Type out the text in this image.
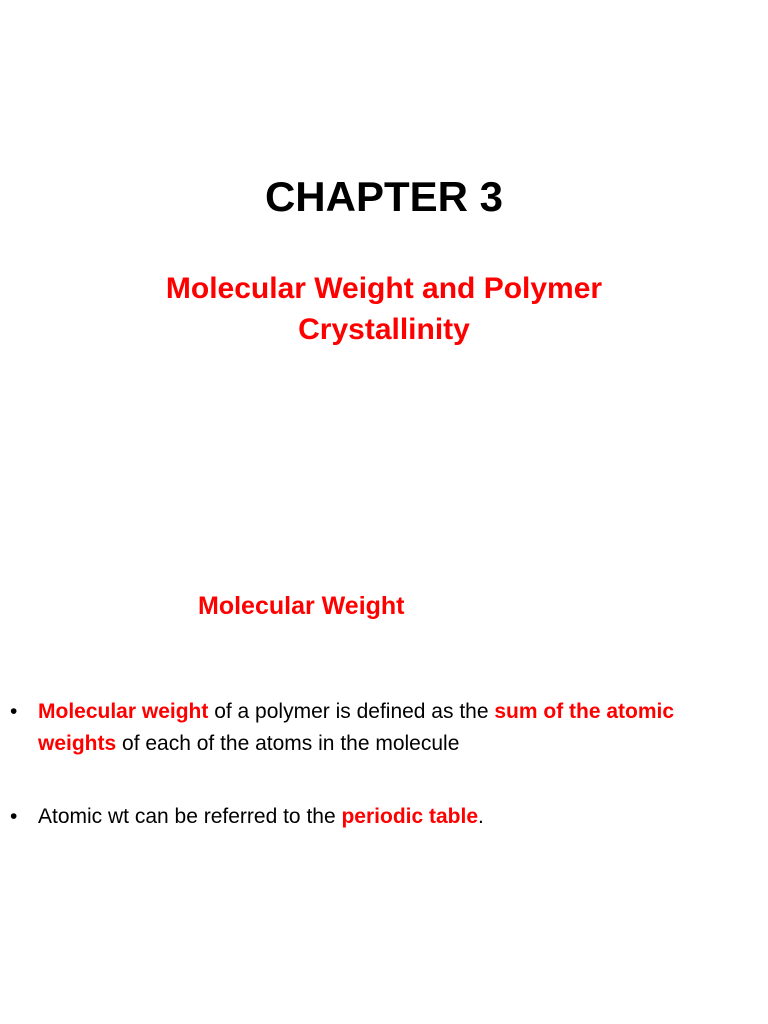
CHAPTER 3
Molecular Weight and Polymer Crystallinity
Molecular Weight

• Molecular weight of a polymer is defined as the sum of the atomic weights of each of the atoms in the molecule

• Atomic wt can be referred to the periodic table.
